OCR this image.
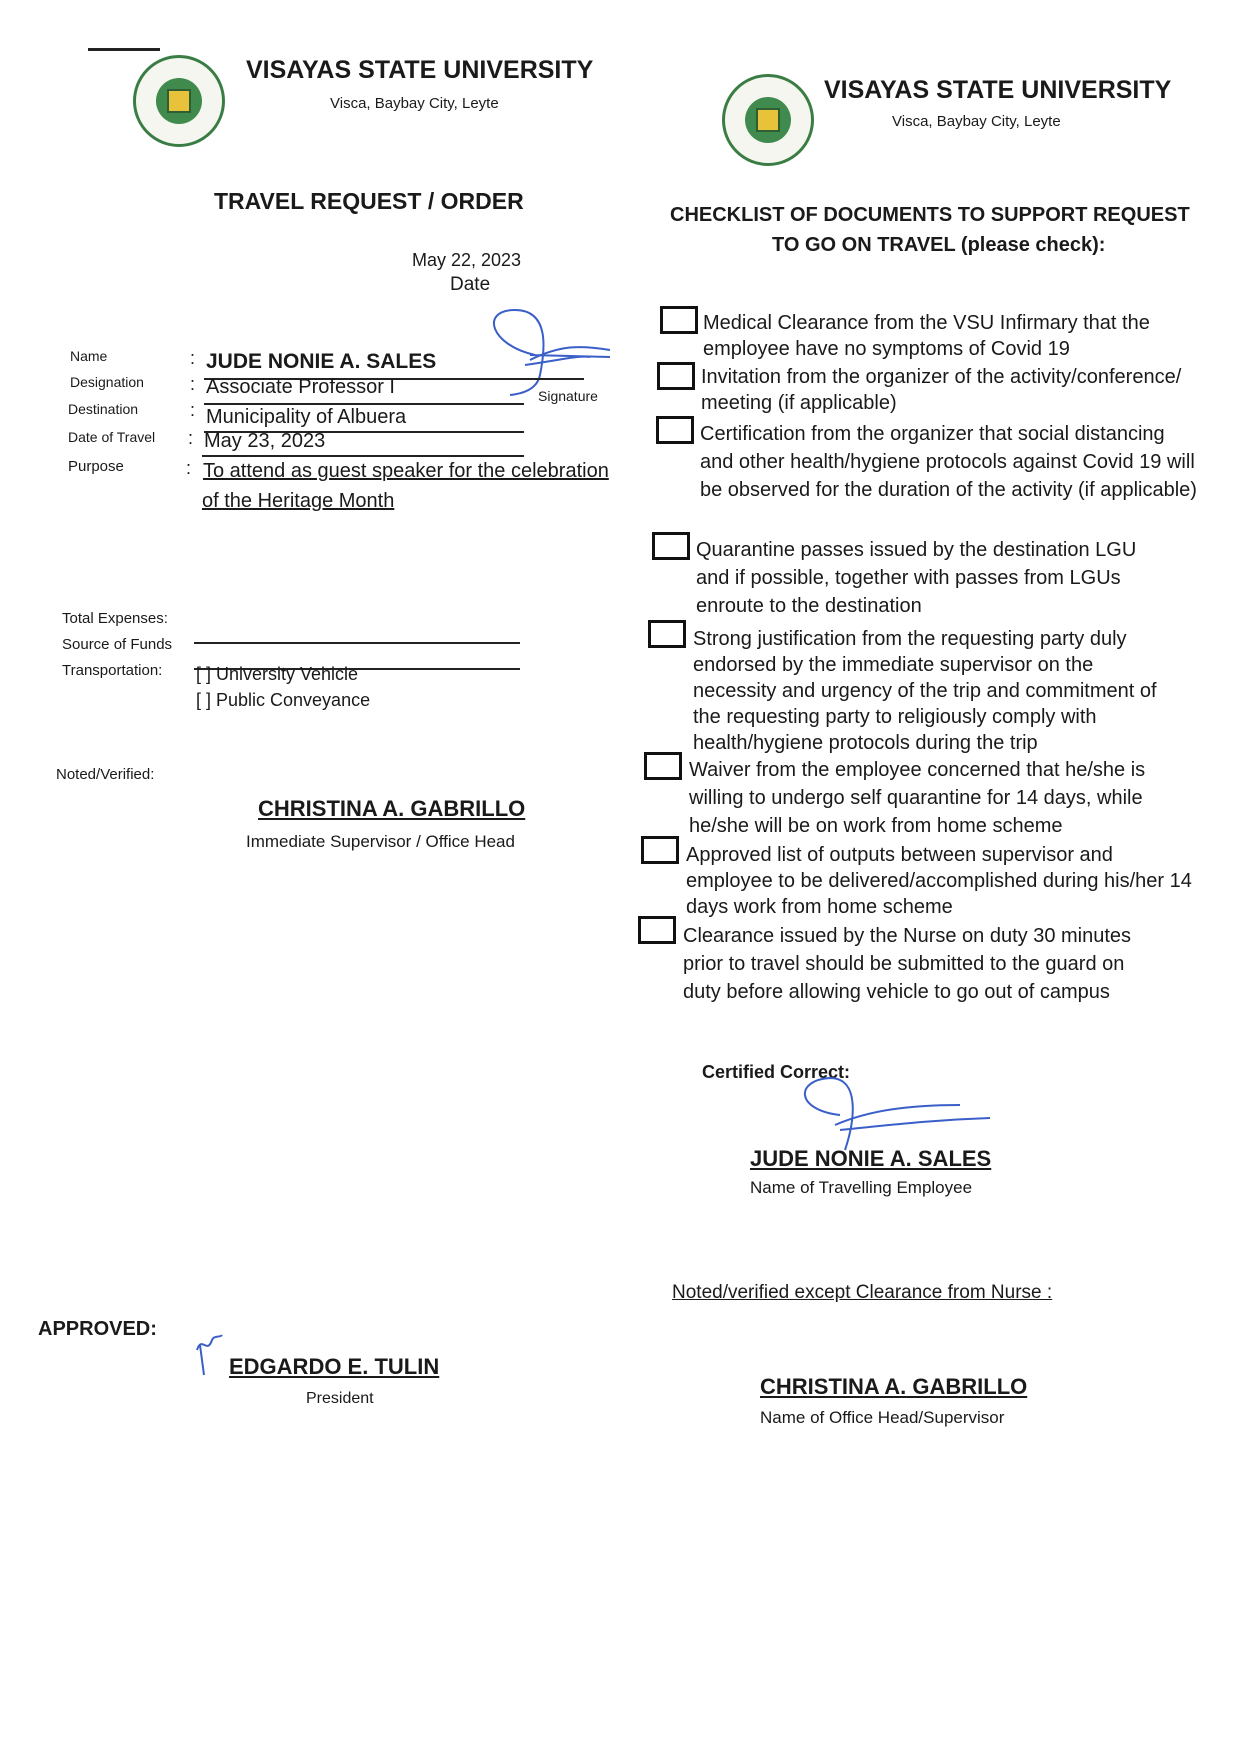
VISAYAS STATE UNIVERSITY
Visca, Baybay City, Leyte	VISAYAS STATE UNIVERSITY
Visca, Baybay City, Leyte
TRAVEL REQUEST / ORDER
May 22, 2023
Date
Name	: JUDE NONIE A. SALES
Signature
Designation	: Associate Professor I
Destination	: Municipality of Albuera
Date of Travel : May 23, 2023
Purpose	: To attend as guest speaker for the celebration
of the Heritage Month
Total Expenses:
Source of Funds
Transportation: [ ] University Vehicle
[ ] Public Conveyance
Noted/Verified:
CHRISTINA A. GABRILLO
Immediate Supervisor / Office Head
APPROVED:
EDGARDO E. TULIN
President
CHECKLIST OF DOCUMENTS TO SUPPORT REQUEST
TO GO ON TRAVEL (please check):
Medical Clearance from the VSU Infirmary that the employee have no symptoms of Covid 19
Invitation from the organizer of the activity/conference/ meeting (if applicable)
Certification from the organizer that social distancing and other health/hygiene protocols against Covid 19 will be observed for the duration of the activity (if applicable)
Quarantine passes issued by the destination LGU and if possible, together with passes from LGUs enroute to the destination
Strong justification from the requesting party duly endorsed by the immediate supervisor on the necessity and urgency of the trip and commitment of the requesting party to religiously comply with health/hygiene protocols during the trip
Waiver from the employee concerned that he/she is willing to undergo self quarantine for 14 days, while he/she will be on work from home scheme
Approved list of outputs between supervisor and employee to be delivered/accomplished during his/her 14 days work from home scheme
Clearance issued by the Nurse on duty 30 minutes prior to travel should be submitted to the guard on duty before allowing vehicle to go out of campus
Certified Correct:
JUDE NONIE A. SALES
Name of Travelling Employee
Noted/verified except Clearance from Nurse :
CHRISTINA A. GABRILLO
Name of Office Head/Supervisor
